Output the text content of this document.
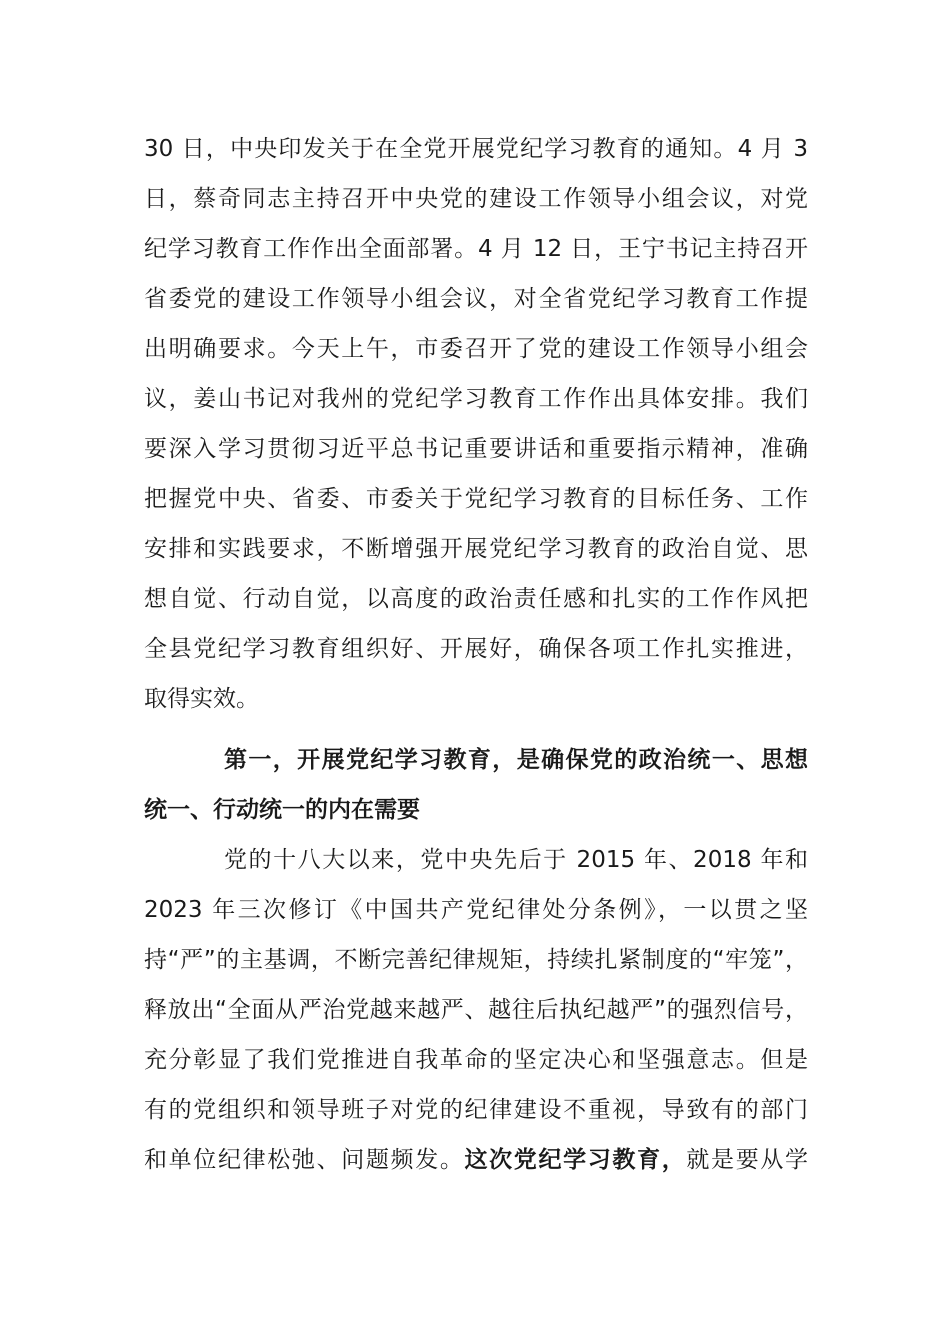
30 日，中央印发关于在全党开展党纪学习教育的通知。4 月 3
日，蔡奇同志主持召开中央党的建设工作领导小组会议，对党
纪学习教育工作作出全面部署。4 月 12 日，王宁书记主持召开
省委党的建设工作领导小组会议，对全省党纪学习教育工作提
出明确要求。今天上午，市委召开了党的建设工作领导小组会
议，姜山书记对我州的党纪学习教育工作作出具体安排。我们
要深入学习贯彻习近平总书记重要讲话和重要指示精神，准确
把握党中央、省委、市委关于党纪学习教育的目标任务、工作
安排和实践要求，不断增强开展党纪学习教育的政治自觉、思
想自觉、行动自觉，以高度的政治责任感和扎实的工作作风把
全县党纪学习教育组织好、开展好，确保各项工作扎实推进，
取得实效。
第一，开展党纪学习教育，是确保党的政治统一、思想
统一、行动统一的内在需要
党的十八大以来，党中央先后于 2015 年、2018 年和
2023 年三次修订《中国共产党纪律处分条例》，一以贯之坚
持“严”的主基调，不断完善纪律规矩，持续扎紧制度的“牢笼”，
释放出“全面从严治党越来越严、越往后执纪越严”的强烈信号，
充分彰显了我们党推进自我革命的坚定决心和坚强意志。但是
有的党组织和领导班子对党的纪律建设不重视，导致有的部门
和单位纪律松弛、问题频发。这次党纪学习教育，就是要从学
